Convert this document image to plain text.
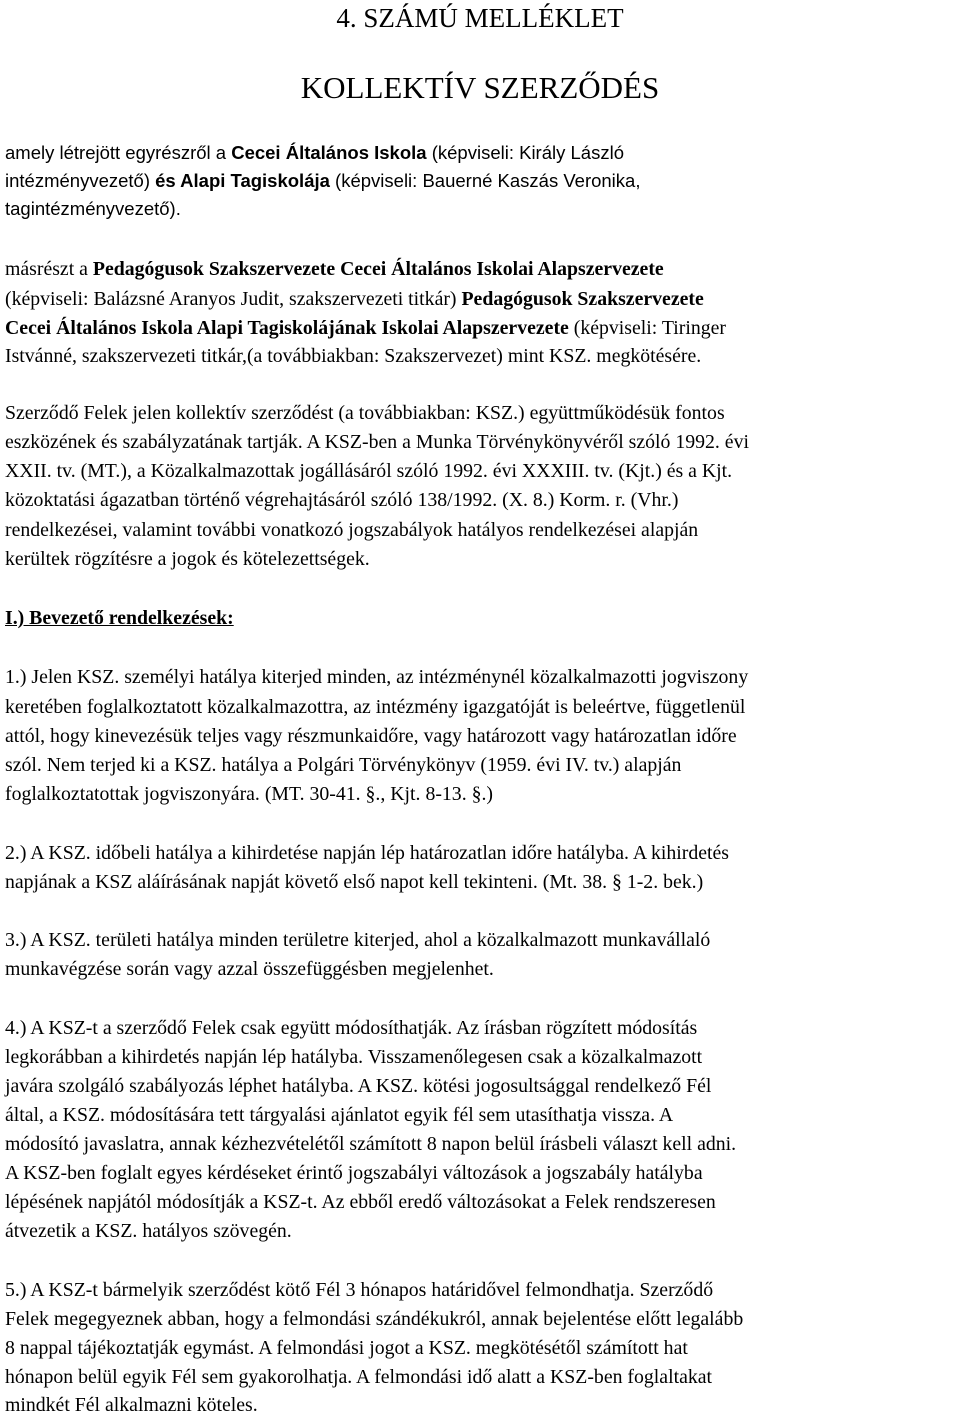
4. SZÁMÚ MELLÉKLET
KOLLEKTÍV SZERZŐDÉS
amely létrejött egyrészről a Cecei Általános Iskola (képviseli: Király László
intézményvezető) és Alapi Tagiskolája (képviseli: Bauerné Kaszás Veronika,
tagintézményvezető).
másrészt a Pedagógusok Szakszervezete Cecei Általános Iskolai Alapszervezete
(képviseli: Balázsné Aranyos Judit, szakszervezeti titkár) Pedagógusok Szakszervezete
Cecei Általános Iskola Alapi Tagiskolájának Iskolai Alapszervezete (képviseli: Tiringer
Istvánné, szakszervezeti titkár,(a továbbiakban: Szakszervezet) mint KSZ. megkötésére.
Szerződő Felek jelen kollektív szerződést (a továbbiakban: KSZ.) együttműködésük fontos
eszközének és szabályzatának tartják. A KSZ-ben a Munka Törvénykönyvéről szóló 1992. évi
XXII. tv. (MT.), a Közalkalmazottak jogállásáról szóló 1992. évi XXXIII. tv. (Kjt.) és a Kjt.
közoktatási ágazatban történő végrehajtásáról szóló 138/1992. (X. 8.) Korm. r. (Vhr.)
rendelkezései, valamint további vonatkozó jogszabályok hatályos rendelkezései alapján
kerültek rögzítésre a jogok és kötelezettségek.
I.) Bevezető rendelkezések:
1.) Jelen KSZ. személyi hatálya kiterjed minden, az intézménynél közalkalmazotti jogviszony
keretében foglalkoztatott közalkalmazottra, az intézmény igazgatóját is beleértve, függetlenül
attól, hogy kinevezésük teljes vagy részmunkaidőre, vagy határozott vagy határozatlan időre
szól. Nem terjed ki a KSZ. hatálya a Polgári Törvénykönyv (1959. évi IV. tv.) alapján
foglalkoztatottak jogviszonyára. (MT. 30-41. §., Kjt. 8-13. §.)
2.) A KSZ. időbeli hatálya a kihirdetése napján lép határozatlan időre hatályba. A kihirdetés
napjának a KSZ aláírásának napját követő első napot kell tekinteni. (Mt. 38. § 1-2. bek.)
3.) A KSZ. területi hatálya minden területre kiterjed, ahol a közalkalmazott munkavállaló
munkavégzése során vagy azzal összefüggésben megjelenhet.
4.) A KSZ-t a szerződő Felek csak együtt módosíthatják. Az írásban rögzített módosítás
legkorábban a kihirdetés napján lép hatályba. Visszamenőlegesen csak a közalkalmazott
javára szolgáló szabályozás léphet hatályba. A KSZ. kötési jogosultsággal rendelkező Fél
által, a KSZ. módosítására tett tárgyalási ajánlatot egyik fél sem utasíthatja vissza. A
módosító javaslatra, annak kézhezvételétől számított 8 napon belül írásbeli választ kell adni.
A KSZ-ben foglalt egyes kérdéseket érintő jogszabályi változások a jogszabály hatályba
lépésének napjától módosítják a KSZ-t. Az ebből eredő változásokat a Felek rendszeresen
átvezetik a KSZ. hatályos szövegén.
5.) A KSZ-t bármelyik szerződést kötő Fél 3 hónapos határidővel felmondhatja. Szerződő
Felek megegyeznek abban, hogy a felmondási szándékukról, annak bejelentése előtt legalább
8 nappal tájékoztatják egymást. A felmondási jogot a KSZ. megkötésétől számított hat
hónapon belül egyik Fél sem gyakorolhatja. A felmondási idő alatt a KSZ-ben foglaltakat
mindkét Fél alkalmazni köteles.
